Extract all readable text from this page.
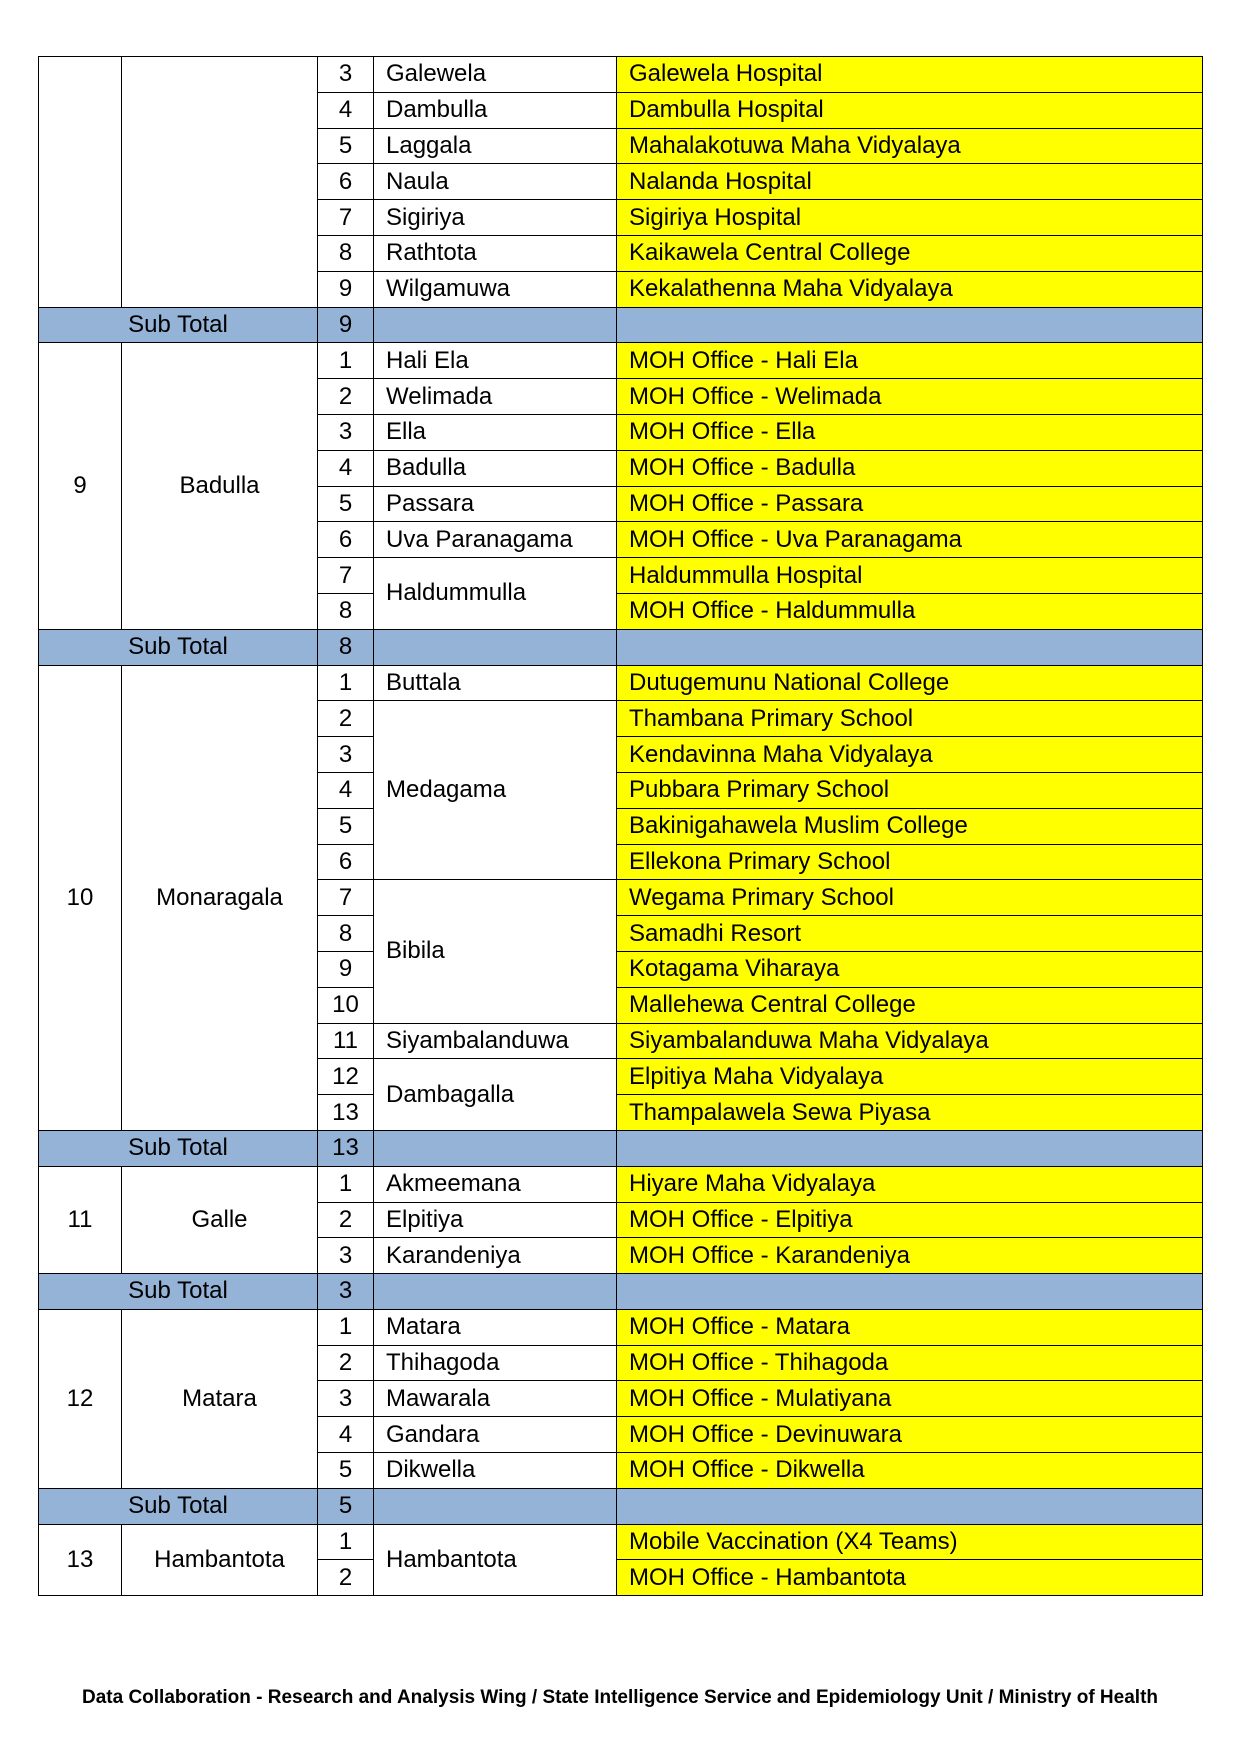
		3	Galewela	Galewela Hospital
		4	Dambulla	Dambulla Hospital
		5	Laggala	Mahalakotuwa Maha Vidyalaya
		6	Naula	Nalanda Hospital
		7	Sigiriya	Sigiriya Hospital
		8	Rathtota	Kaikawela Central College
		9	Wilgamuwa	Kekalathenna Maha Vidyalaya
Sub Total		9		
9	Badulla	1	Hali Ela	MOH Office - Hali Ela
		2	Welimada	MOH Office - Welimada
		3	Ella	MOH Office - Ella
		4	Badulla	MOH Office - Badulla
		5	Passara	MOH Office - Passara
		6	Uva Paranagama	MOH Office - Uva Paranagama
		7	Haldummulla	Haldummulla Hospital
		8		MOH Office - Haldummulla
Sub Total		8		
10	Monaragala	1	Buttala	Dutugemunu National College
		2	Medagama	Thambana Primary School
		3		Kendavinna Maha Vidyalaya
		4		Pubbara Primary School
		5		Bakinigahawela Muslim College
		6		Ellekona Primary School
		7	Bibila	Wegama Primary School
		8		Samadhi Resort
		9		Kotagama Viharaya
		10		Mallehewa Central College
		11	Siyambalanduwa	Siyambalanduwa Maha Vidyalaya
		12	Dambagalla	Elpitiya Maha Vidyalaya
		13		Thampalawela Sewa Piyasa
Sub Total		13		
11	Galle	1	Akmeemana	Hiyare Maha Vidyalaya
		2	Elpitiya	MOH Office - Elpitiya
		3	Karandeniya	MOH Office - Karandeniya
Sub Total		3		
12	Matara	1	Matara	MOH Office - Matara
		2	Thihagoda	MOH Office - Thihagoda
		3	Mawarala	MOH Office - Mulatiyana
		4	Gandara	MOH Office - Devinuwara
		5	Dikwella	MOH Office - Dikwella
Sub Total		5		
13	Hambantota	1	Hambantota	Mobile Vaccination (X4 Teams)
		2		MOH Office - Hambantota
Data Collaboration - Research and Analysis Wing / State Intelligence Service and Epidemiology Unit / Ministry of Health
